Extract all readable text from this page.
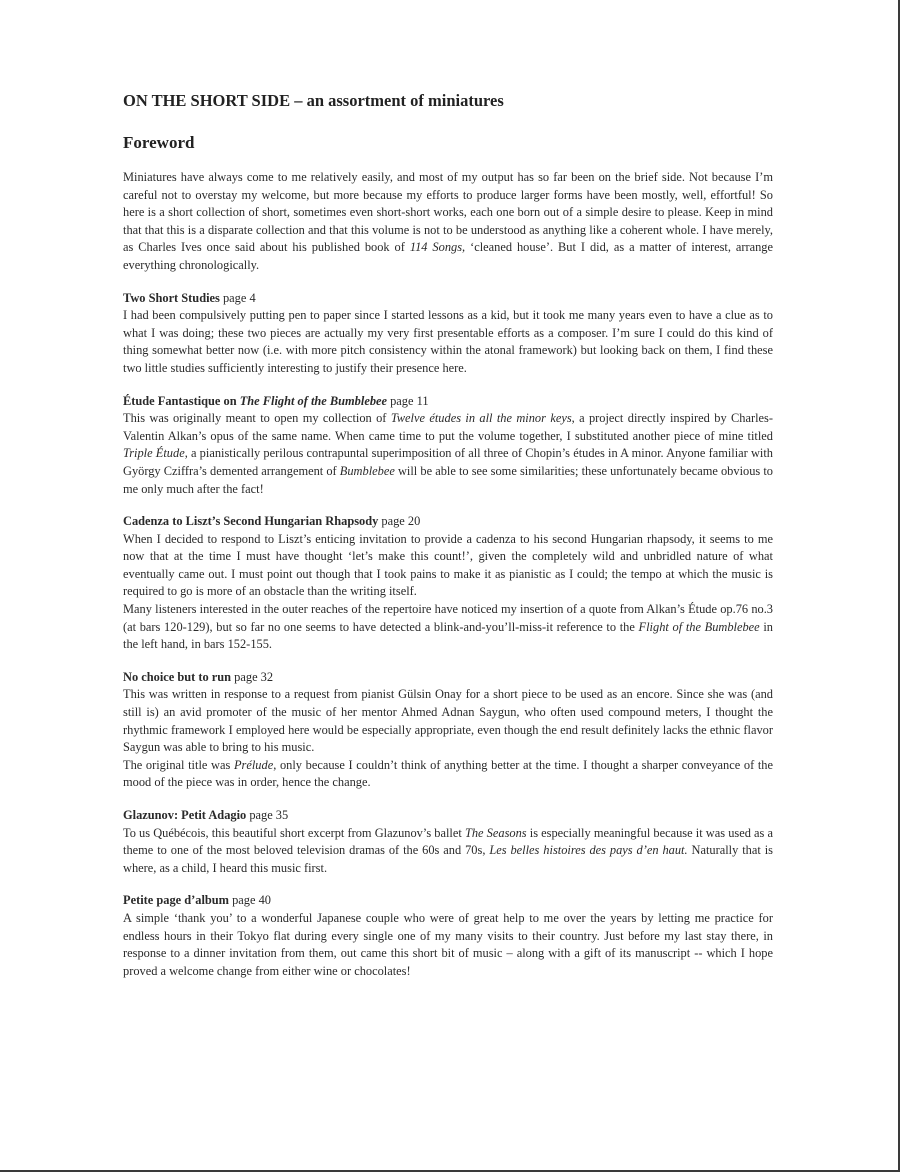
ON THE SHORT SIDE – an assortment of miniatures
Foreword

Miniatures have always come to me relatively easily, and most of my output has so far been on the brief side. Not because I’m careful not to overstay my welcome, but more because my efforts to produce larger forms have been mostly, well, effortful! So here is a short collection of short, sometimes even short-short works, each one born out of a simple desire to please. Keep in mind that that this is a disparate collection and that this volume is not to be understood as anything like a coherent whole. I have merely, as Charles Ives once said about his published book of 114 Songs, ‘cleaned house’. But I did, as a matter of interest, arrange everything chronologically.

Two Short Studies page 4

I had been compulsively putting pen to paper since I started lessons as a kid, but it took me many years even to have a clue as to what I was doing; these two pieces are actually my very first presentable efforts as a composer. I’m sure I could do this kind of thing somewhat better now (i.e. with more pitch consistency within the atonal framework) but looking back on them, I find these two little studies sufficiently interesting to justify their presence here.

Étude Fantastique on The Flight of the Bumblebee page 11

This was originally meant to open my collection of Twelve études in all the minor keys, a project directly inspired by Charles-Valentin Alkan’s opus of the same name. When came time to put the volume together, I substituted another piece of mine titled Triple Étude, a pianistically perilous contrapuntal superimposition of all three of Chopin’s études in A minor. Anyone familiar with György Cziffra’s demented arrangement of Bumblebee will be able to see some similarities; these unfortunately became obvious to me only much after the fact!

Cadenza to Liszt’s Second Hungarian Rhapsody page 20

When I decided to respond to Liszt’s enticing invitation to provide a cadenza to his second Hungarian rhapsody, it seems to me now that at the time I must have thought ‘let’s make this count!’, given the completely wild and unbridled nature of what eventually came out. I must point out though that I took pains to make it as pianistic as I could; the tempo at which the music is required to go is more of an obstacle than the writing itself.

Many listeners interested in the outer reaches of the repertoire have noticed my insertion of a quote from Alkan’s Étude op.76 no.3 (at bars 120-129), but so far no one seems to have detected a blink-and-you’ll-miss-it reference to the Flight of the Bumblebee in the left hand, in bars 152-155.

No choice but to run page 32

This was written in response to a request from pianist Gülsin Onay for a short piece to be used as an encore. Since she was (and still is) an avid promoter of the music of her mentor Ahmed Adnan Saygun, who often used compound meters, I thought the rhythmic framework I employed here would be especially appropriate, even though the end result definitely lacks the ethnic flavor Saygun was able to bring to his music.

The original title was Prélude, only because I couldn’t think of anything better at the time. I thought a sharper conveyance of the mood of the piece was in order, hence the change.

Glazunov: Petit Adagio page 35

To us Québécois, this beautiful short excerpt from Glazunov’s ballet The Seasons is especially meaningful because it was used as a theme to one of the most beloved television dramas of the 60s and 70s, Les belles histoires des pays d’en haut. Naturally that is where, as a child, I heard this music first.

Petite page d’album page 40

A simple ‘thank you’ to a wonderful Japanese couple who were of great help to me over the years by letting me practice for endless hours in their Tokyo flat during every single one of my many visits to their country. Just before my last stay there, in response to a dinner invitation from them, out came this short bit of music – along with a gift of its manuscript -- which I hope proved a welcome change from either wine or chocolates!
